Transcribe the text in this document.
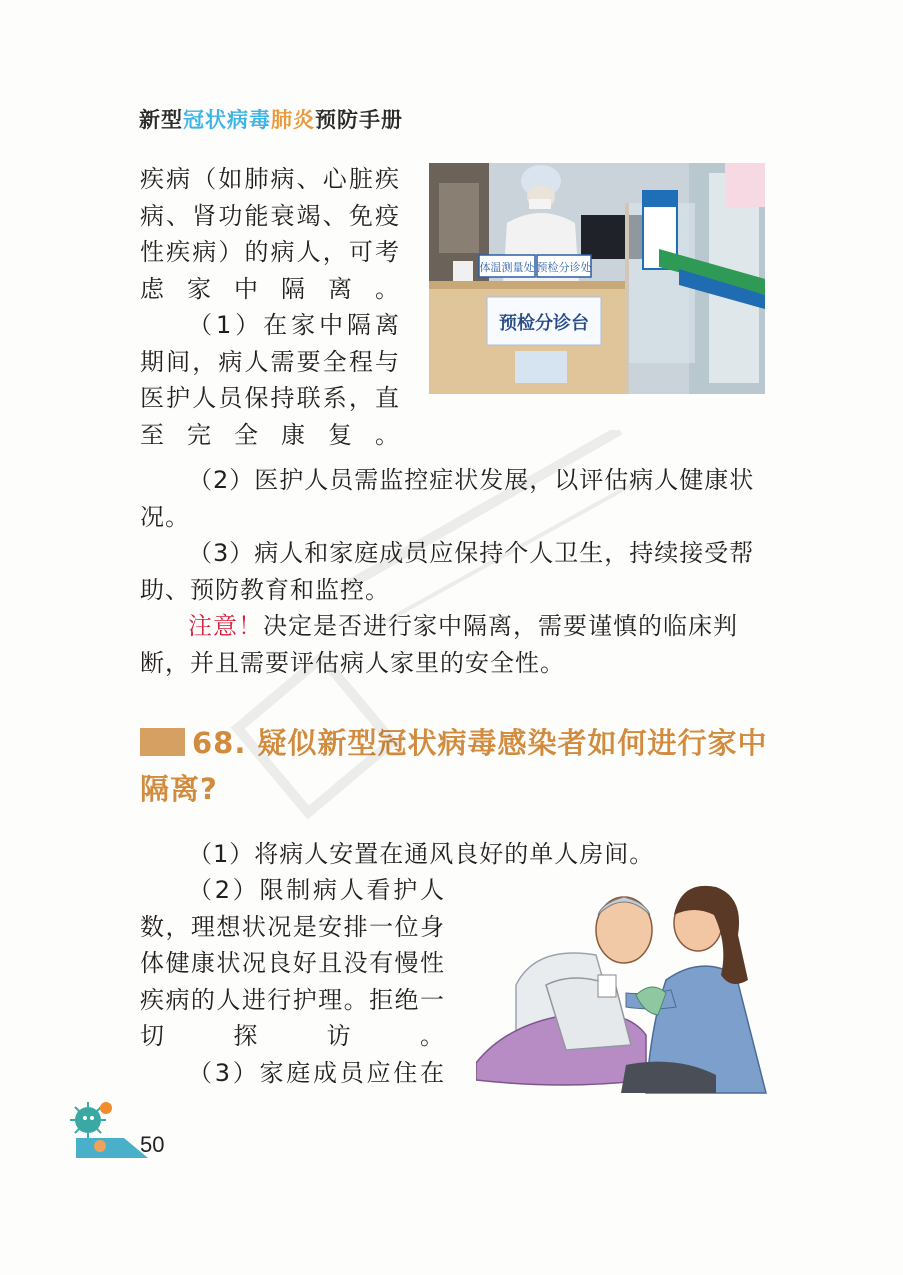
新型冠状病毒肺炎预防手册
体温测量处 预检分诊处
预检分诊台
疾病（如肺病、心脏疾病、肾功能衰竭、免疫性疾病）的病人，可考虑家中隔离。
（1）在家中隔离期间，病人需要全程与医护人员保持联系，直至完全康复。
（2）医护人员需监控症状发展，以评估病人健康状况。
（3）病人和家庭成员应保持个人卫生，持续接受帮助、预防教育和监控。
注意！决定是否进行家中隔离，需要谨慎的临床判断，并且需要评估病人家里的安全性。
68. 疑似新型冠状病毒感染者如何进行家中隔离?
（1）将病人安置在通风良好的单人房间。
（2）限制病人看护人数，理想状况是安排一位身体健康状况良好且没有慢性疾病的人进行护理。拒绝一切探访。
（3）家庭成员应住在
50
